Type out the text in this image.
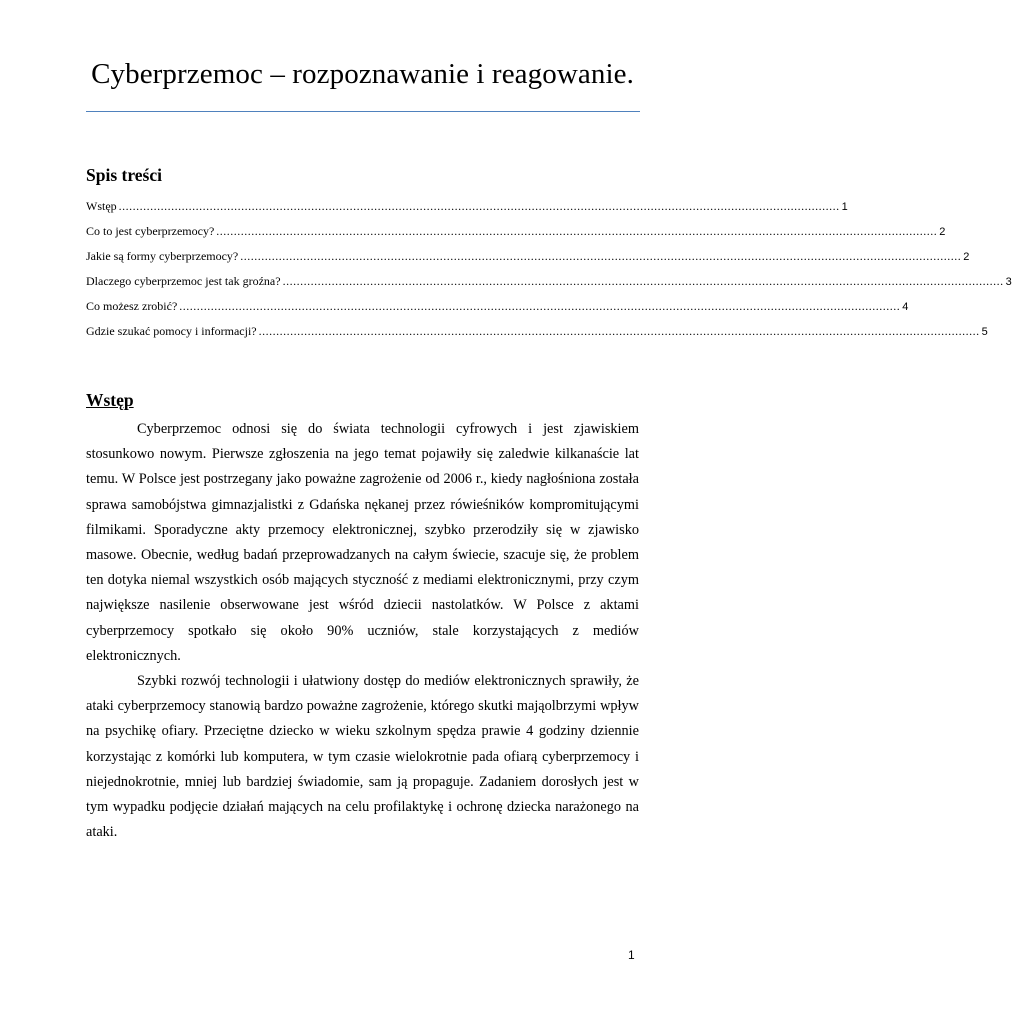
Cyberprzemoc – rozpoznawanie i reagowanie.
Spis treści
Wstęp .............................................................................................................................................................................................................. 1
Co to jest cyberprzemocy? .............................................................................................................................................................................................................. 2
Jakie są formy cyberprzemocy? .............................................................................................................................................................................................................. 2
Dlaczego cyberprzemoc jest tak groźna? .............................................................................................................................................................................................................. 3
Co możesz zrobić? .............................................................................................................................................................................................................. 4
Gdzie szukać pomocy i informacji? .............................................................................................................................................................................................................. 5
Wstęp

Cyberprzemoc odnosi się do świata technologii cyfrowych i jest zjawiskiem stosunkowo nowym. Pierwsze zgłoszenia na jego temat pojawiły się zaledwie kilkanaście lat temu. W Polsce jest postrzegany jako poważne zagrożenie od 2006 r., kiedy nagłośniona została sprawa samobójstwa gimnazjalistki z Gdańska nękanej przez rówieśników kompromitującymi filmikami. Sporadyczne akty przemocy elektronicznej, szybko przerodziły się w zjawisko masowe. Obecnie, według badań przeprowadzanych na całym świecie, szacuje się, że problem ten dotyka niemal wszystkich osób mających styczność z mediami elektronicznymi, przy czym największe nasilenie obserwowane jest wśród dziecii nastolatków. W Polsce z aktami cyberprzemocy spotkało się około 90% uczniów, stale korzystających z mediów elektronicznych.

Szybki rozwój technologii i ułatwiony dostęp do mediów elektronicznych sprawiły, że ataki cyberprzemocy stanowią bardzo poważne zagrożenie, którego skutki mająolbrzymi wpływ na psychikę ofiary. Przeciętne dziecko w wieku szkolnym spędza prawie 4 godziny dziennie korzystając z komórki lub komputera, w tym czasie wielokrotnie pada ofiarą cyberprzemocy i niejednokrotnie, mniej lub bardziej świadomie, sam ją propaguje. Zadaniem dorosłych jest w tym wypadku podjęcie działań mających na celu profilaktykę i ochronę dziecka narażonego na ataki.

1
